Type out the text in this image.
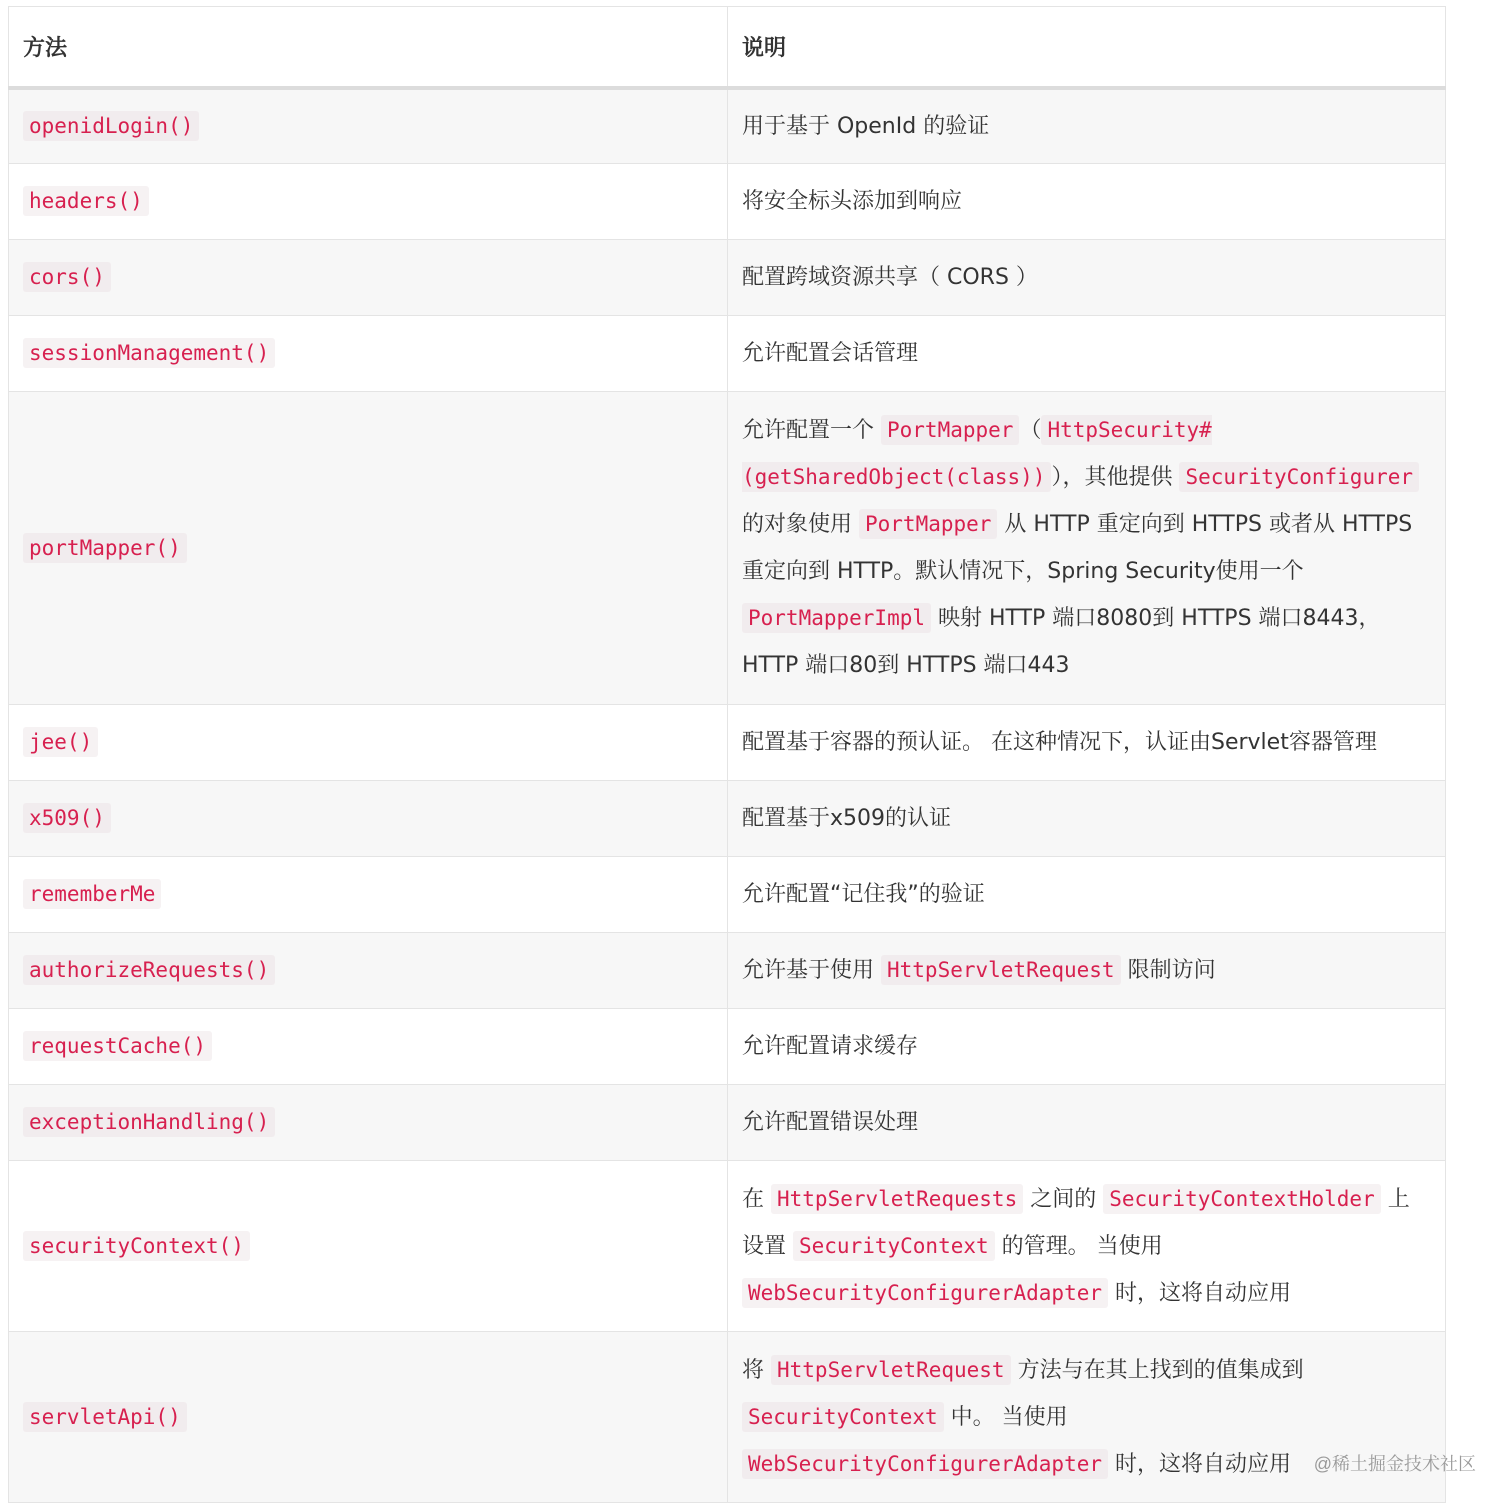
方法	说明
openidLogin()	用于基于 OpenId 的验证
headers()	将安全标头添加到响应
cors()	配置跨域资源共享（ CORS ）
sessionManagement()	允许配置会话管理
portMapper()	允许配置一个 PortMapper （ HttpSecurity#(getSharedObject(class)) ），其他提供 SecurityConfigurer 的对象使用 PortMapper 从 HTTP 重定向到 HTTPS 或者从 HTTPS 重定向到 HTTP。默认情况下，Spring Security使用一个 PortMapperImpl 映射 HTTP 端口8080到 HTTPS 端口8443，HTTP 端口80到 HTTPS 端口443
jee()	配置基于容器的预认证。 在这种情况下，认证由Servlet容器管理
x509()	配置基于x509的认证
rememberMe	允许配置“记住我”的验证
authorizeRequests()	允许基于使用 HttpServletRequest 限制访问
requestCache()	允许配置请求缓存
exceptionHandling()	允许配置错误处理
securityContext()	在 HttpServletRequests 之间的 SecurityContextHolder 上设置 SecurityContext 的管理。 当使用 WebSecurityConfigurerAdapter 时，这将自动应用
servletApi()	将 HttpServletRequest 方法与在其上找到的值集成到 SecurityContext 中。 当使用 WebSecurityConfigurerAdapter 时，这将自动应用 @稀土掘金技术社区
